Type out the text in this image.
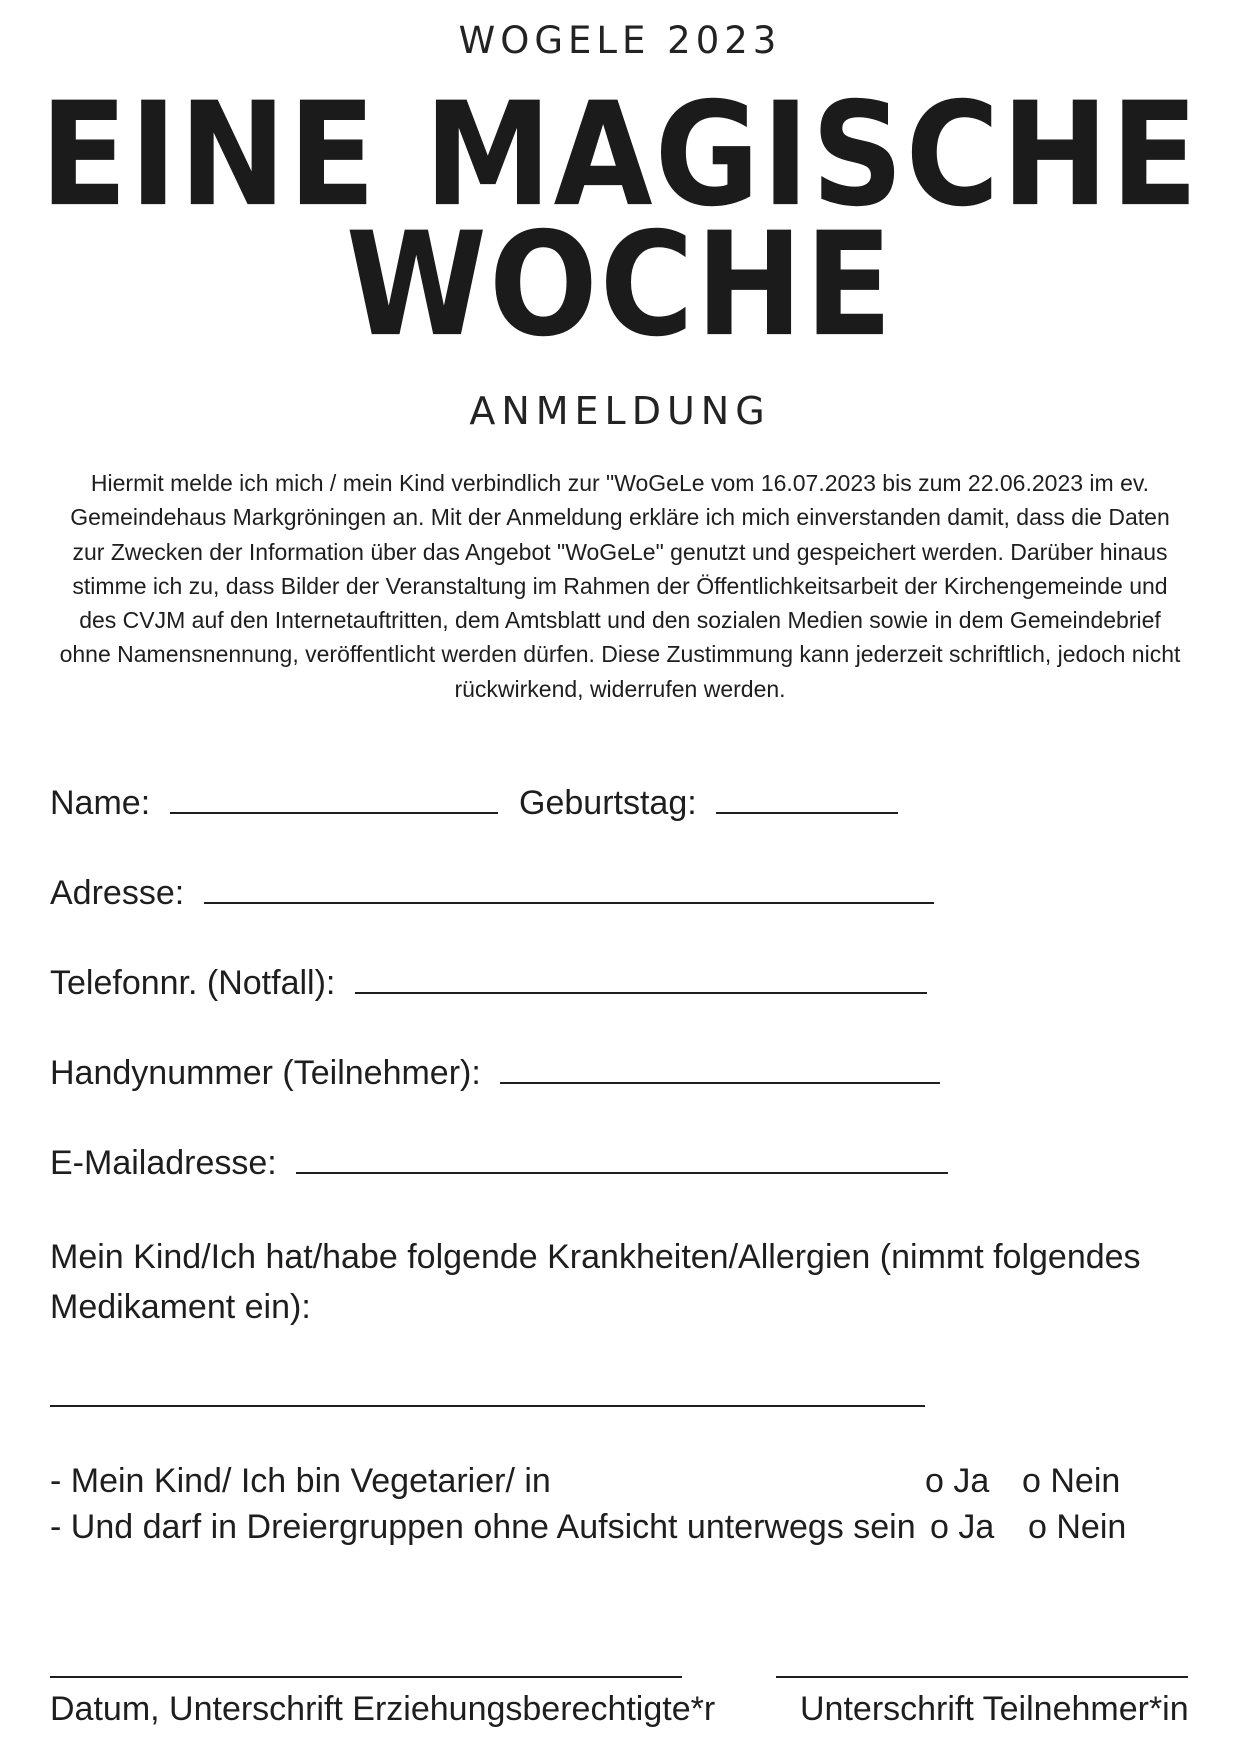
WOGELE 2023
EINE MAGISCHE
WOCHE
ANMELDUNG

Hiermit melde ich mich / mein Kind verbindlich zur "WoGeLe vom 16.07.2023 bis zum 22.06.2023 im ev. Gemeindehaus Markgröningen an. Mit der Anmeldung erkläre ich mich einverstanden damit, dass die Daten zur Zwecken der Information über das Angebot "WoGeLe" genutzt und gespeichert werden. Darüber hinaus stimme ich zu, dass Bilder der Veranstaltung im Rahmen der Öffentlichkeitsarbeit der Kirchengemeinde und des CVJM auf den Internetauftritten, dem Amtsblatt und den sozialen Medien sowie in dem Gemeindebrief ohne Namensnennung, veröffentlicht werden dürfen. Diese Zustimmung kann jederzeit schriftlich, jedoch nicht rückwirkend, widerrufen werden.

Name:	Geburtstag:
Adresse:
Telefonnr. (Notfall):
Handynummer (Teilnehmer):
E-Mailadresse:

Mein Kind/Ich hat/habe folgende Krankheiten/Allergien (nimmt folgendes Medikament ein):

- Mein Kind/ Ich bin Vegetarier/ in	o Ja o Nein
- Und darf in Dreiergruppen ohne Aufsicht unterwegs sein o Ja o Nein
Datum, Unterschrift Erziehungsberechtigte*r Unterschrift Teilnehmer*in
